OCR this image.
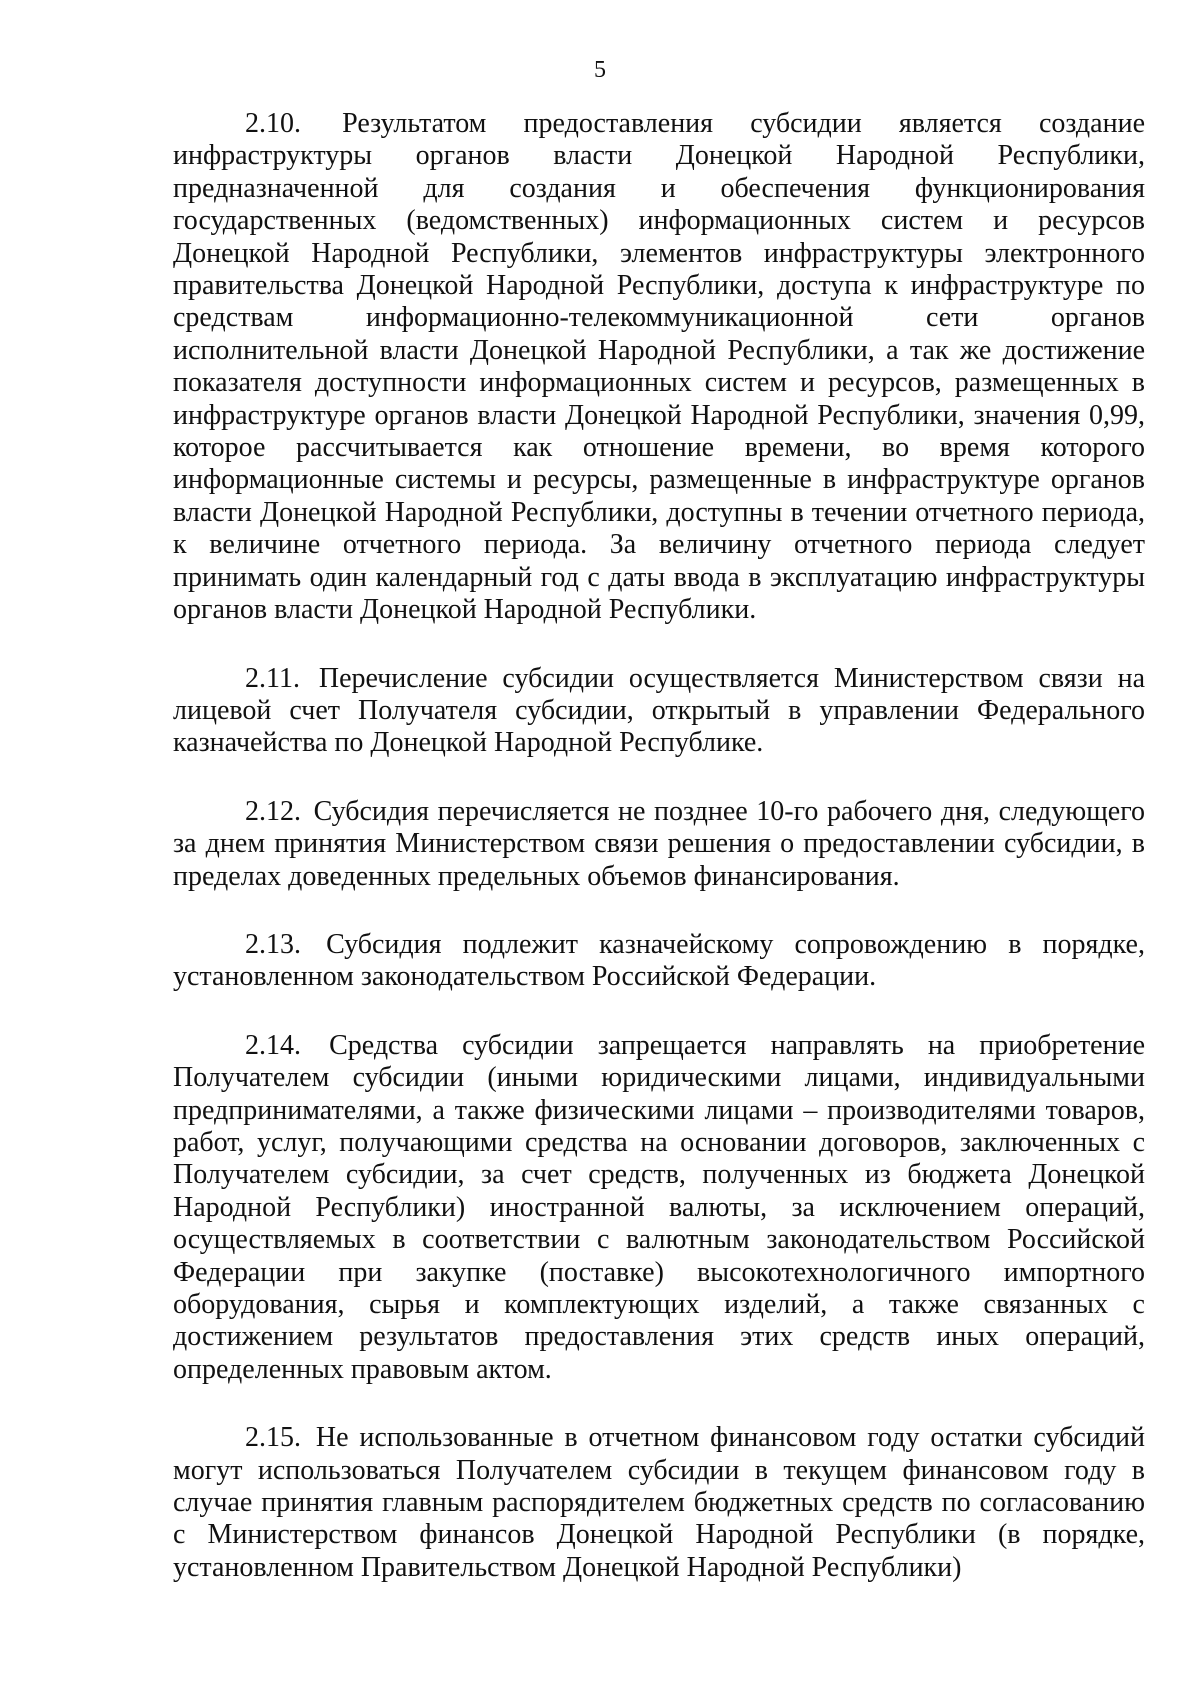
5

2.10. Результатом предоставления субсидии является создание инфраструктуры органов власти Донецкой Народной Республики, предназначенной для создания и обеспечения функционирования государственных (ведомственных) информационных систем и ресурсов Донецкой Народной Республики, элементов инфраструктуры электронного правительства Донецкой Народной Республики, доступа к инфраструктуре по средствам информационно-телекоммуникационной сети органов исполнительной власти Донецкой Народной Республики, а так же достижение показателя доступности информационных систем и ресурсов, размещенных в инфраструктуре органов власти Донецкой Народной Республики, значения 0,99, которое рассчитывается как отношение времени, во время которого информационные системы и ресурсы, размещенные в инфраструктуре органов власти Донецкой Народной Республики, доступны в течении отчетного периода, к величине отчетного периода. За величину отчетного периода следует принимать один календарный год с даты ввода в эксплуатацию инфраструктуры органов власти Донецкой Народной Республики.

2.11. Перечисление субсидии осуществляется Министерством связи на лицевой счет Получателя субсидии, открытый в управлении Федерального казначейства по Донецкой Народной Республике.

2.12. Субсидия перечисляется не позднее 10-го рабочего дня, следующего за днем принятия Министерством связи решения о предоставлении субсидии, в пределах доведенных предельных объемов финансирования.

2.13. Субсидия подлежит казначейскому сопровождению в порядке, установленном законодательством Российской Федерации.

2.14. Средства субсидии запрещается направлять на приобретение Получателем субсидии (иными юридическими лицами, индивидуальными предпринимателями, а также физическими лицами – производителями товаров, работ, услуг, получающими средства на основании договоров, заключенных с Получателем субсидии, за счет средств, полученных из бюджета Донецкой Народной Республики) иностранной валюты, за исключением операций, осуществляемых в соответствии с валютным законодательством Российской Федерации при закупке (поставке) высокотехнологичного импортного оборудования, сырья и комплектующих изделий, а также связанных с достижением результатов предоставления этих средств иных операций, определенных правовым актом.

2.15. Не использованные в отчетном финансовом году остатки субсидий могут использоваться Получателем субсидии в текущем финансовом году в случае принятия главным распорядителем бюджетных средств по согласованию с Министерством финансов Донецкой Народной Республики (в порядке, установленном Правительством Донецкой Народной Республики)
